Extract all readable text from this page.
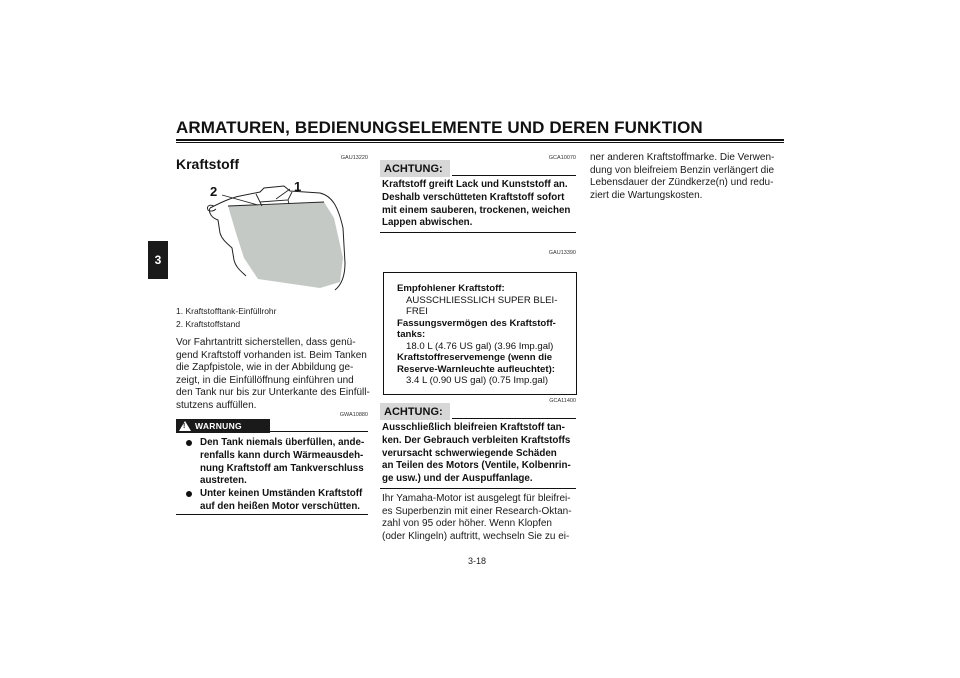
ARMATUREN, BEDIENUNGSELEMENTE UND DEREN FUNKTION
3
GAU13220
Kraftstoff
2	1
1. Kraftstofftank-Einfüllrohr
2. Kraftstoffstand
Vor Fahrtantritt sicherstellen, dass genü-
gend Kraftstoff vorhanden ist. Beim Tanken
die Zapfpistole, wie in der Abbildung ge-
zeigt, in die Einfüllöffnung einführen und
den Tank nur bis zur Unterkante des Einfüll-
stutzens auffüllen.
GWA10880
! WARNUNG
Den Tank niemals überfüllen, ande-
renfalls kann durch Wärmeausdeh-
nung Kraftstoff am Tankverschluss
austreten.
Unter keinen Umständen Kraftstoff
auf den heißen Motor verschütten.
GCA10070
ACHTUNG:
Kraftstoff greift Lack und Kunststoff an.
Deshalb verschütteten Kraftstoff sofort
mit einem sauberen, trockenen, weichen
Lappen abwischen.
GAU13390
Empfohlener Kraftstoff:
AUSSCHLIESSLICH SUPER BLEI-
FREI
Fassungsvermögen des Kraftstoff-
tanks:
18.0 L (4.76 US gal) (3.96 Imp.gal)
Kraftstoffreservemenge (wenn die
Reserve-Warnleuchte aufleuchtet):
3.4 L (0.90 US gal) (0.75 Imp.gal)
GCA11400
ACHTUNG:
Ausschließlich bleifreien Kraftstoff tan-
ken. Der Gebrauch verbleiten Kraftstoffs
verursacht schwerwiegende Schäden
an Teilen des Motors (Ventile, Kolbenrin-
ge usw.) und der Auspuffanlage.
Ihr Yamaha-Motor ist ausgelegt für bleifrei-
es Superbenzin mit einer Research-Oktan-
zahl von 95 oder höher. Wenn Klopfen
(oder Klingeln) auftritt, wechseln Sie zu ei-
ner anderen Kraftstoffmarke. Die Verwen-
dung von bleifreiem Benzin verlängert die
Lebensdauer der Zündkerze(n) und redu-
ziert die Wartungskosten.
3-18
